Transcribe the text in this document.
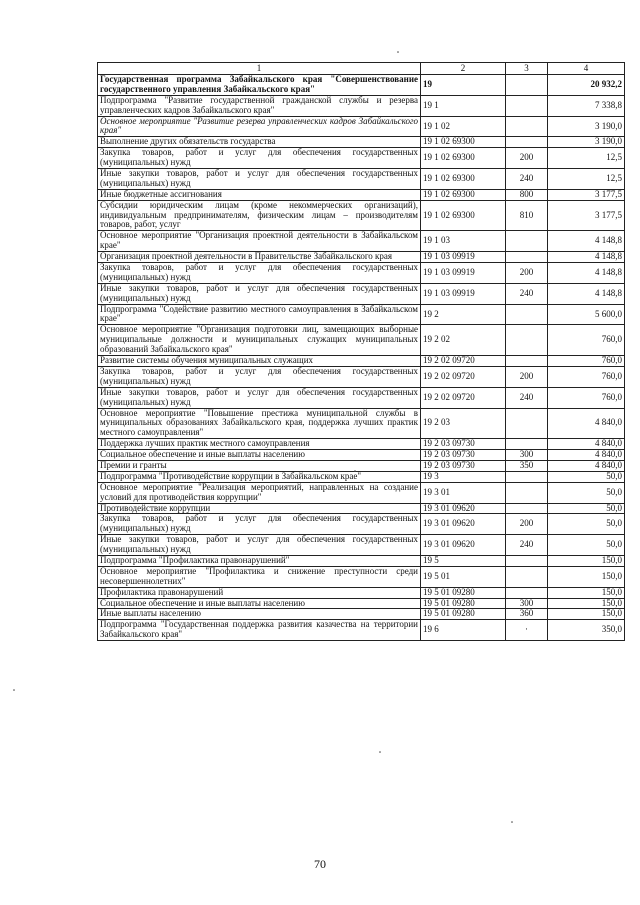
1	2	3	4
Государственная программа Забайкальского края "Совершенствование государственного управления Забайкальского края"	19		20 932,2
Подпрограмма "Развитие государственной гражданской службы и резерва управленческих кадров Забайкальского края"	19 1		7 338,8
Основное мероприятие "Развитие резерва управленческих кадров Забайкальского края"	19 1 02		3 190,0
Выполнение других обязательств государства	19 1 02 69300		3 190,0
Закупка товаров, работ и услуг для обеспечения государственных (муниципальных) нужд	19 1 02 69300	200	12,5
Иные закупки товаров, работ и услуг для обеспечения государственных (муниципальных) нужд	19 1 02 69300	240	12,5
Иные бюджетные ассигнования	19 1 02 69300	800	3 177,5
Субсидии юридическим лицам (кроме некоммерческих организаций), индивидуальным предпринимателям, физическим лицам – производителям товаров, работ, услуг	19 1 02 69300	810	3 177,5
Основное мероприятие "Организация проектной деятельности в Забайкальском крае"	19 1 03		4 148,8
Организация проектной деятельности в Правительстве Забайкальского края	19 1 03 09919		4 148,8
Закупка товаров, работ и услуг для обеспечения государственных (муниципальных) нужд	19 1 03 09919	200	4 148,8
Иные закупки товаров, работ и услуг для обеспечения государственных (муниципальных) нужд	19 1 03 09919	240	4 148,8
Подпрограмма "Содействие развитию местного самоуправления в Забайкальском крае"	19 2		5 600,0
Основное мероприятие "Организация подготовки лиц, замещающих выборные муниципальные должности и муниципальных служащих муниципальных образований Забайкальского края"	19 2 02		760,0
Развитие системы обучения муниципальных служащих	19 2 02 09720		760,0
Закупка товаров, работ и услуг для обеспечения государственных (муниципальных) нужд	19 2 02 09720	200	760,0
Иные закупки товаров, работ и услуг для обеспечения государственных (муниципальных) нужд	19 2 02 09720	240	760,0
Основное мероприятие "Повышение престижа муниципальной службы в муниципальных образованиях Забайкальского края, поддержка лучших практик местного самоуправления"	19 2 03		4 840,0
Поддержка лучших практик местного самоуправления	19 2 03 09730		4 840,0
Социальное обеспечение и иные выплаты населению	19 2 03 09730	300	4 840,0
Премии и гранты	19 2 03 09730	350	4 840,0
Подпрограмма "Противодействие коррупции в Забайкальском крае"	19 3		50,0
Основное мероприятие "Реализация мероприятий, направленных на создание условий для противодействия коррупции"	19 3 01		50,0
Противодействие коррупции	19 3 01 09620		50,0
Закупка товаров, работ и услуг для обеспечения государственных (муниципальных) нужд	19 3 01 09620	200	50,0
Иные закупки товаров, работ и услуг для обеспечения государственных (муниципальных) нужд	19 3 01 09620	240	50,0
Подпрограмма "Профилактика правонарушений"	19 5		150,0
Основное мероприятие "Профилактика и снижение преступности среди несовершеннолетних"	19 5 01		150,0
Профилактика правонарушений	19 5 01 09280		150,0
Социальное обеспечение и иные выплаты населению	19 5 01 09280	300	150,0
Иные выплаты населению	19 5 01 09280	360	150,0
Подпрограмма "Государственная поддержка развития казачества на территории Забайкальского края"	19 6	·	350,0
70
